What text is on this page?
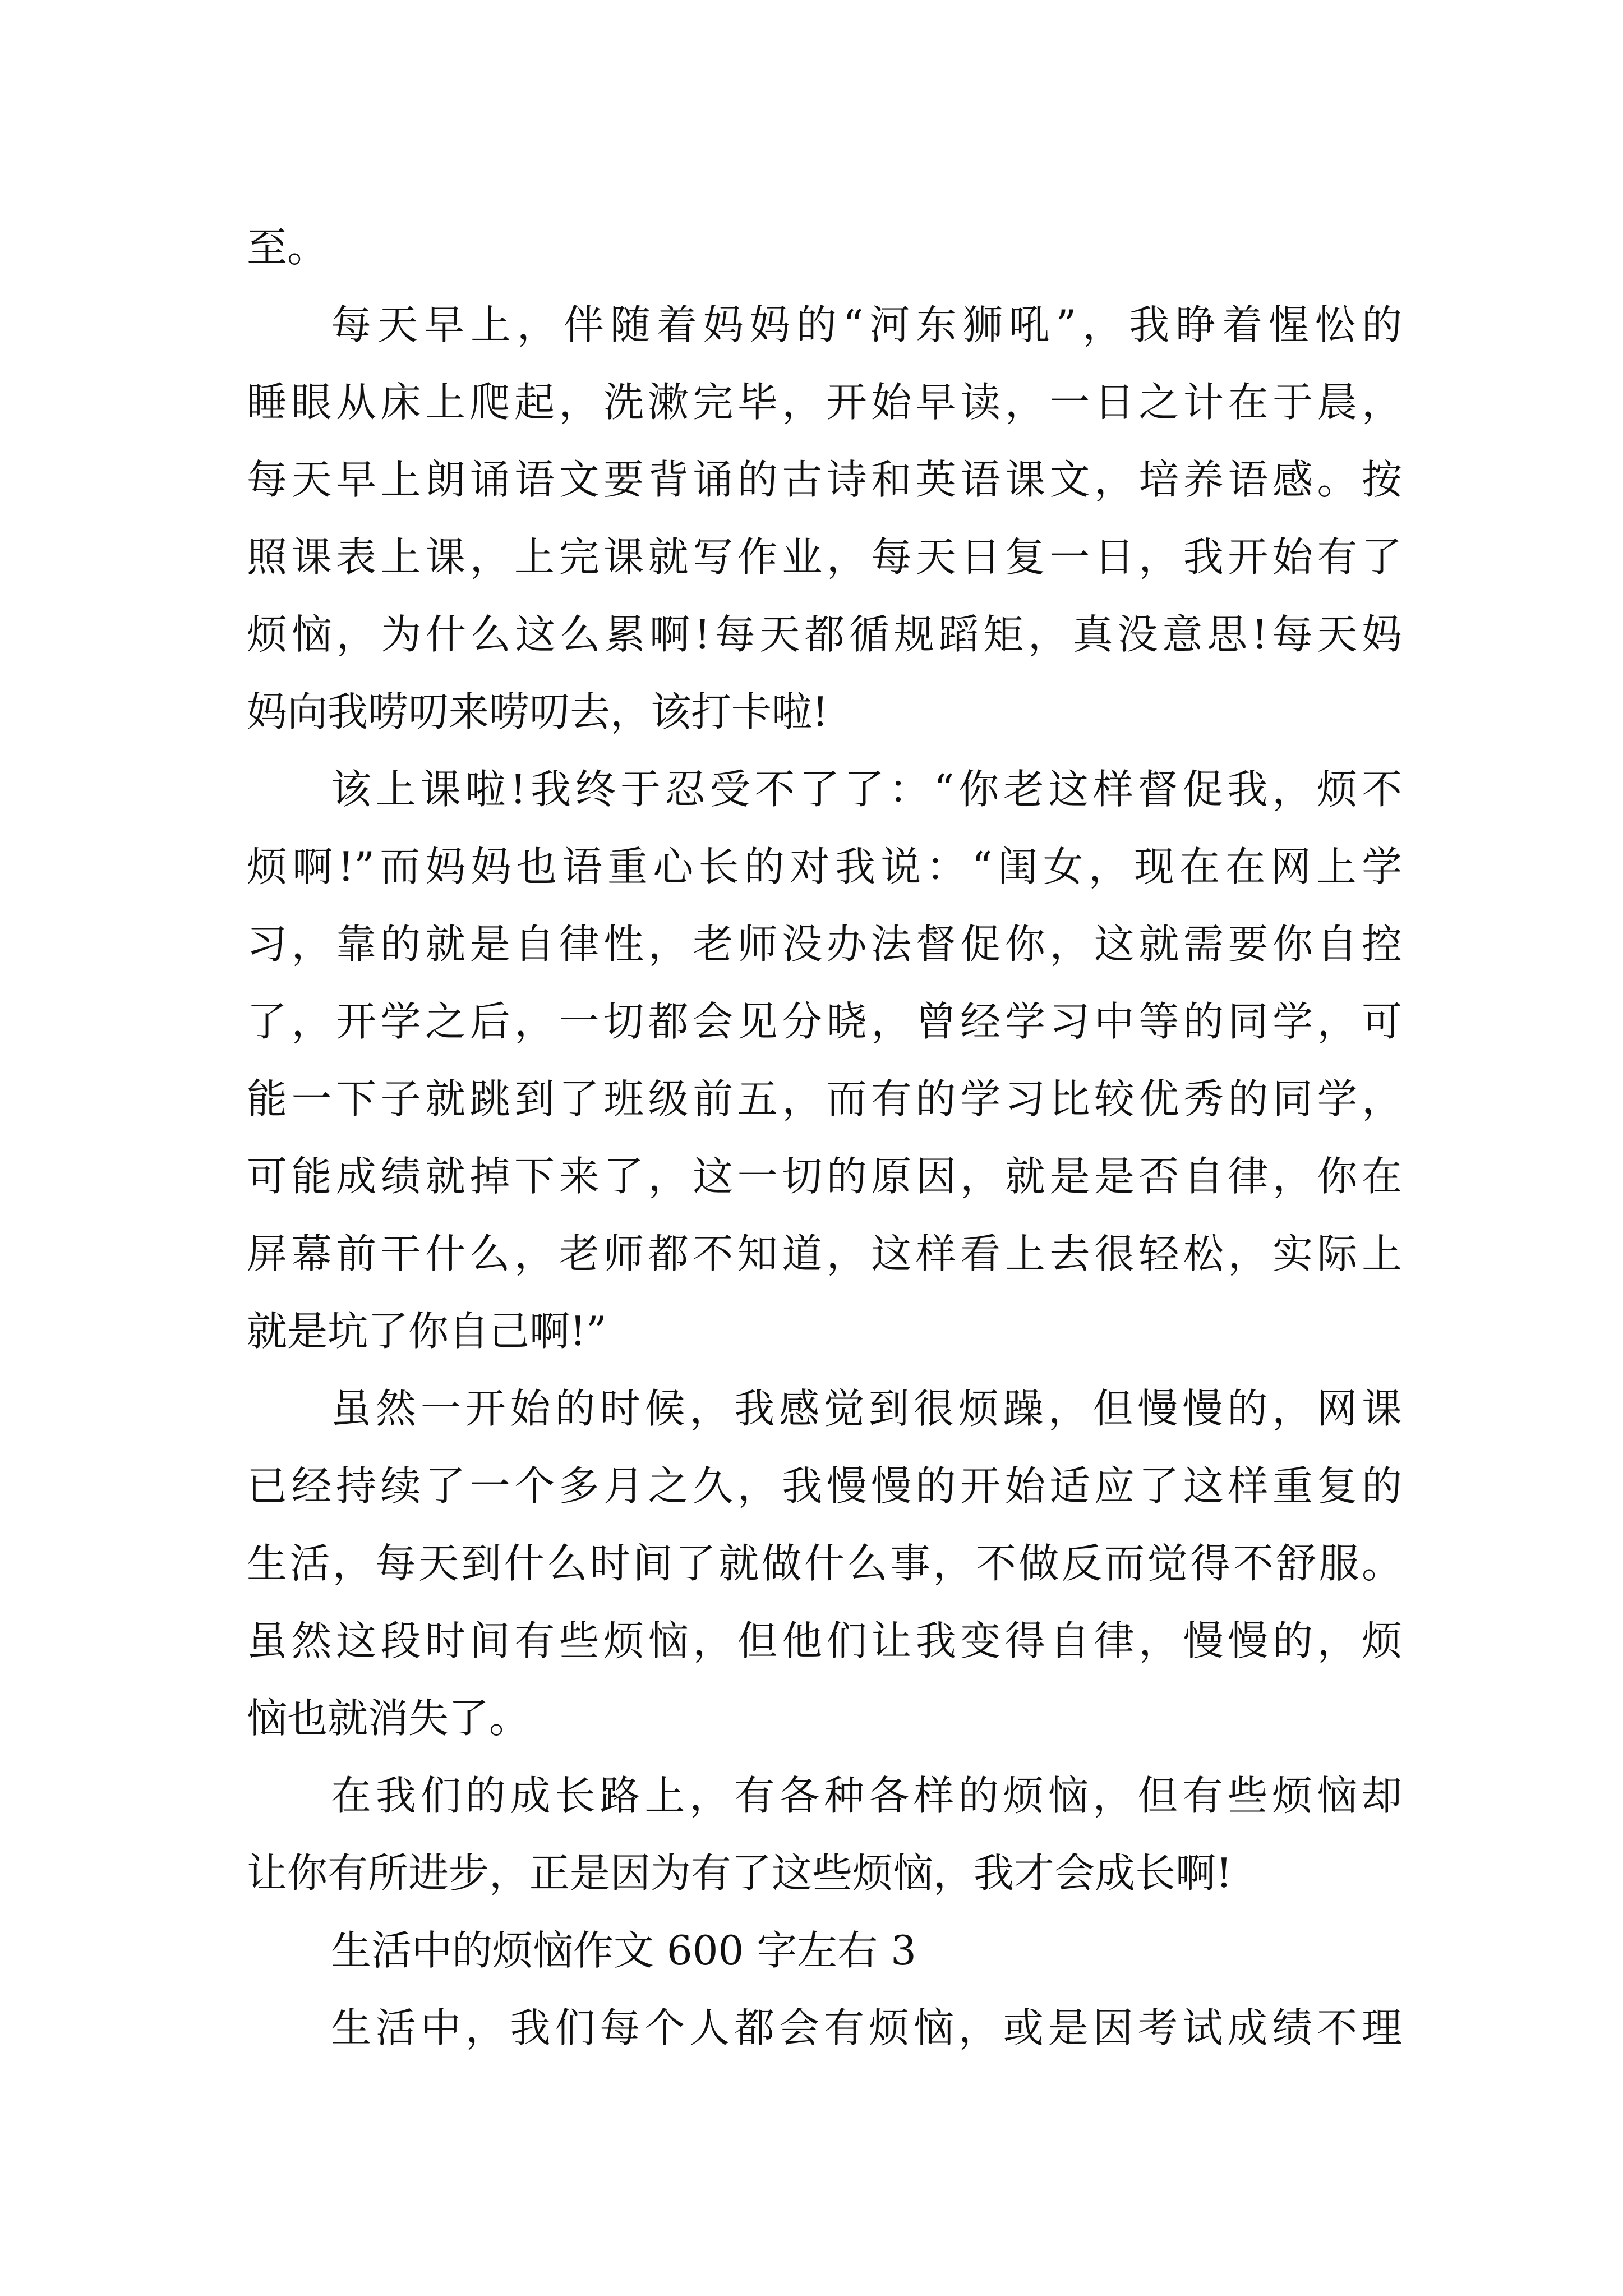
至。
每天早上，伴随着妈妈的“河东狮吼”，我睁着惺忪的
睡眼从床上爬起，洗漱完毕，开始早读，一日之计在于晨，
每天早上朗诵语文要背诵的古诗和英语课文，培养语感。按
照课表上课，上完课就写作业，每天日复一日，我开始有了
烦恼，为什么这么累啊!每天都循规蹈矩，真没意思!每天妈
妈向我唠叨来唠叨去，该打卡啦!
该上课啦!我终于忍受不了了：“你老这样督促我，烦不
烦啊!”而妈妈也语重心长的对我说：“闺女，现在在网上学
习，靠的就是自律性，老师没办法督促你，这就需要你自控
了，开学之后，一切都会见分晓，曾经学习中等的同学，可
能一下子就跳到了班级前五，而有的学习比较优秀的同学，
可能成绩就掉下来了，这一切的原因，就是是否自律，你在
屏幕前干什么，老师都不知道，这样看上去很轻松，实际上
就是坑了你自己啊!”
虽然一开始的时候，我感觉到很烦躁，但慢慢的，网课
已经持续了一个多月之久，我慢慢的开始适应了这样重复的
生活，每天到什么时间了就做什么事，不做反而觉得不舒服。
虽然这段时间有些烦恼，但他们让我变得自律，慢慢的，烦
恼也就消失了。
在我们的成长路上，有各种各样的烦恼，但有些烦恼却
让你有所进步，正是因为有了这些烦恼，我才会成长啊!
生活中的烦恼作文 600 字左右 3
生活中，我们每个人都会有烦恼，或是因考试成绩不理
